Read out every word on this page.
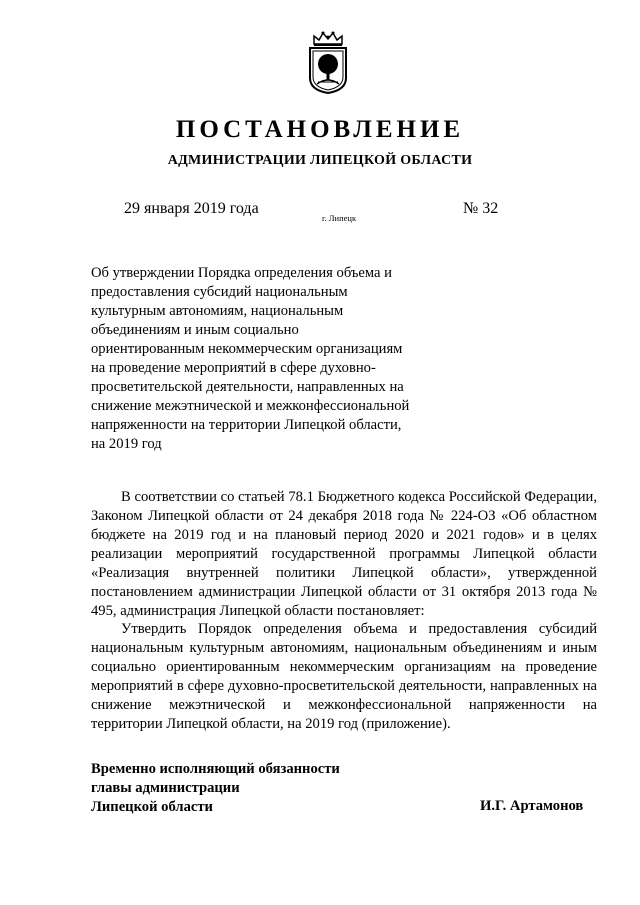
ПОСТАНОВЛЕНИЕ
АДМИНИСТРАЦИИ ЛИПЕЦКОЙ ОБЛАСТИ
29 января 2019 года
г. Липецк
№ 32
Об утверждении Порядка определения объема и предоставления субсидий национальным культурным автономиям, национальным объединениям и иным социально ориентированным некоммерческим организациям на проведение мероприятий в сфере духовно-просветительской деятельности, направленных на снижение межэтнической и межконфессиональной напряженности на территории Липецкой области, на 2019 год
В соответствии со статьей 78.1 Бюджетного кодекса Российской Федерации, Законом Липецкой области от 24 декабря 2018 года № 224-ОЗ «Об областном бюджете на 2019 год и на плановый период 2020 и 2021 годов» и в целях реализации мероприятий государственной программы Липецкой области «Реализация внутренней политики Липецкой области», утвержденной постановлением администрации Липецкой области от 31 октября 2013 года № 495, администрация Липецкой области постановляет:
Утвердить Порядок определения объема и предоставления субсидий национальным культурным автономиям, национальным объединениям и иным социально ориентированным некоммерческим организациям на проведение мероприятий в сфере духовно-просветительской деятельности, направленных на снижение межэтнической и межконфессиональной напряженности на территории Липецкой области, на 2019 год (приложение).
Временно исполняющий обязанности
главы администрации
Липецкой области	И.Г. Артамонов
